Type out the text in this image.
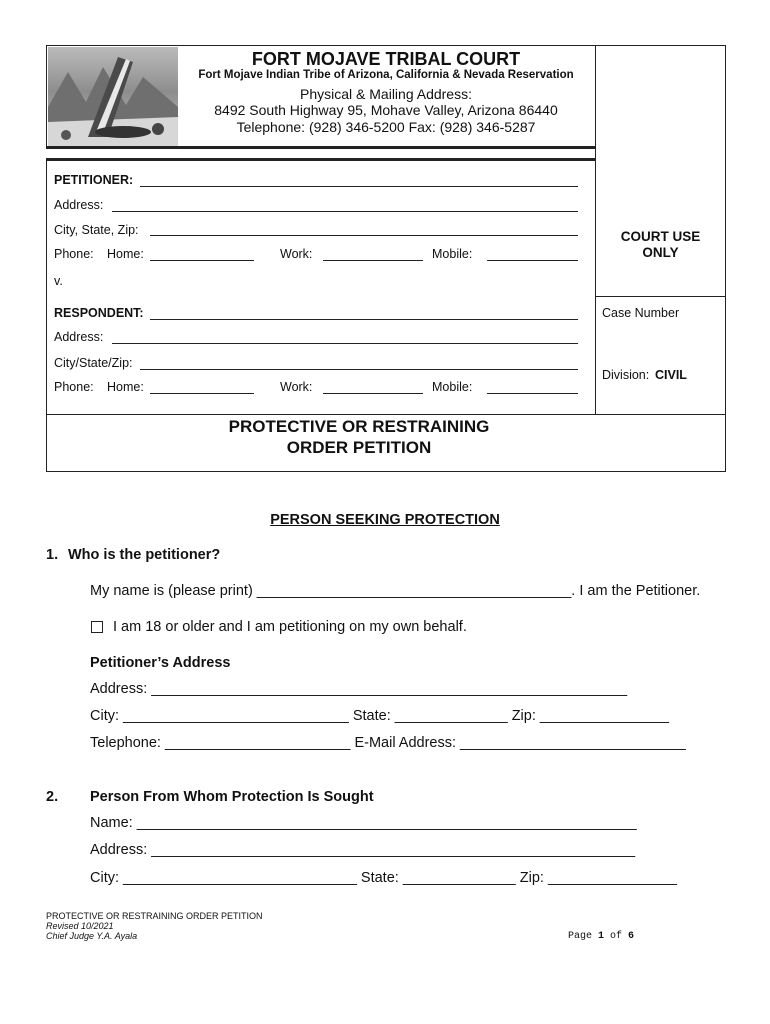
FORT MOJAVE TRIBAL COURT
Fort Mojave Indian Tribe of Arizona, California & Nevada Reservation
Physical & Mailing Address:
8492 South Highway 95, Mohave Valley, Arizona 86440
Telephone: (928) 346-5200 Fax: (928) 346-5287
PETITIONER:
Address:
City, State, Zip:
Phone: Home:	Work:	Mobile:
v.
RESPONDENT:
Address:
City/State/Zip:
Phone: Home:	Work:	Mobile:
COURT USE
ONLY
Case Number
Division: CIVIL
PROTECTIVE OR RESTRAINING
ORDER PETITION
PERSON SEEKING PROTECTION
1. Who is the petitioner?
My name is (please print) _______________________________________. I am the Petitioner.
I am 18 or older and I am petitioning on my own behalf.
Petitioner’s Address
Address: ___________________________________________________________
City: ____________________________ State: ______________ Zip: ________________
Telephone: _______________________ E-Mail Address: ____________________________
2. Person From Whom Protection Is Sought
Name: ______________________________________________________________
Address: ____________________________________________________________
City: _____________________________ State: ______________ Zip: ________________
PROTECTIVE OR RESTRAINING ORDER PETITION
Revised 10/2021
Chief Judge Y.A. Ayala	Page 1 of 6
